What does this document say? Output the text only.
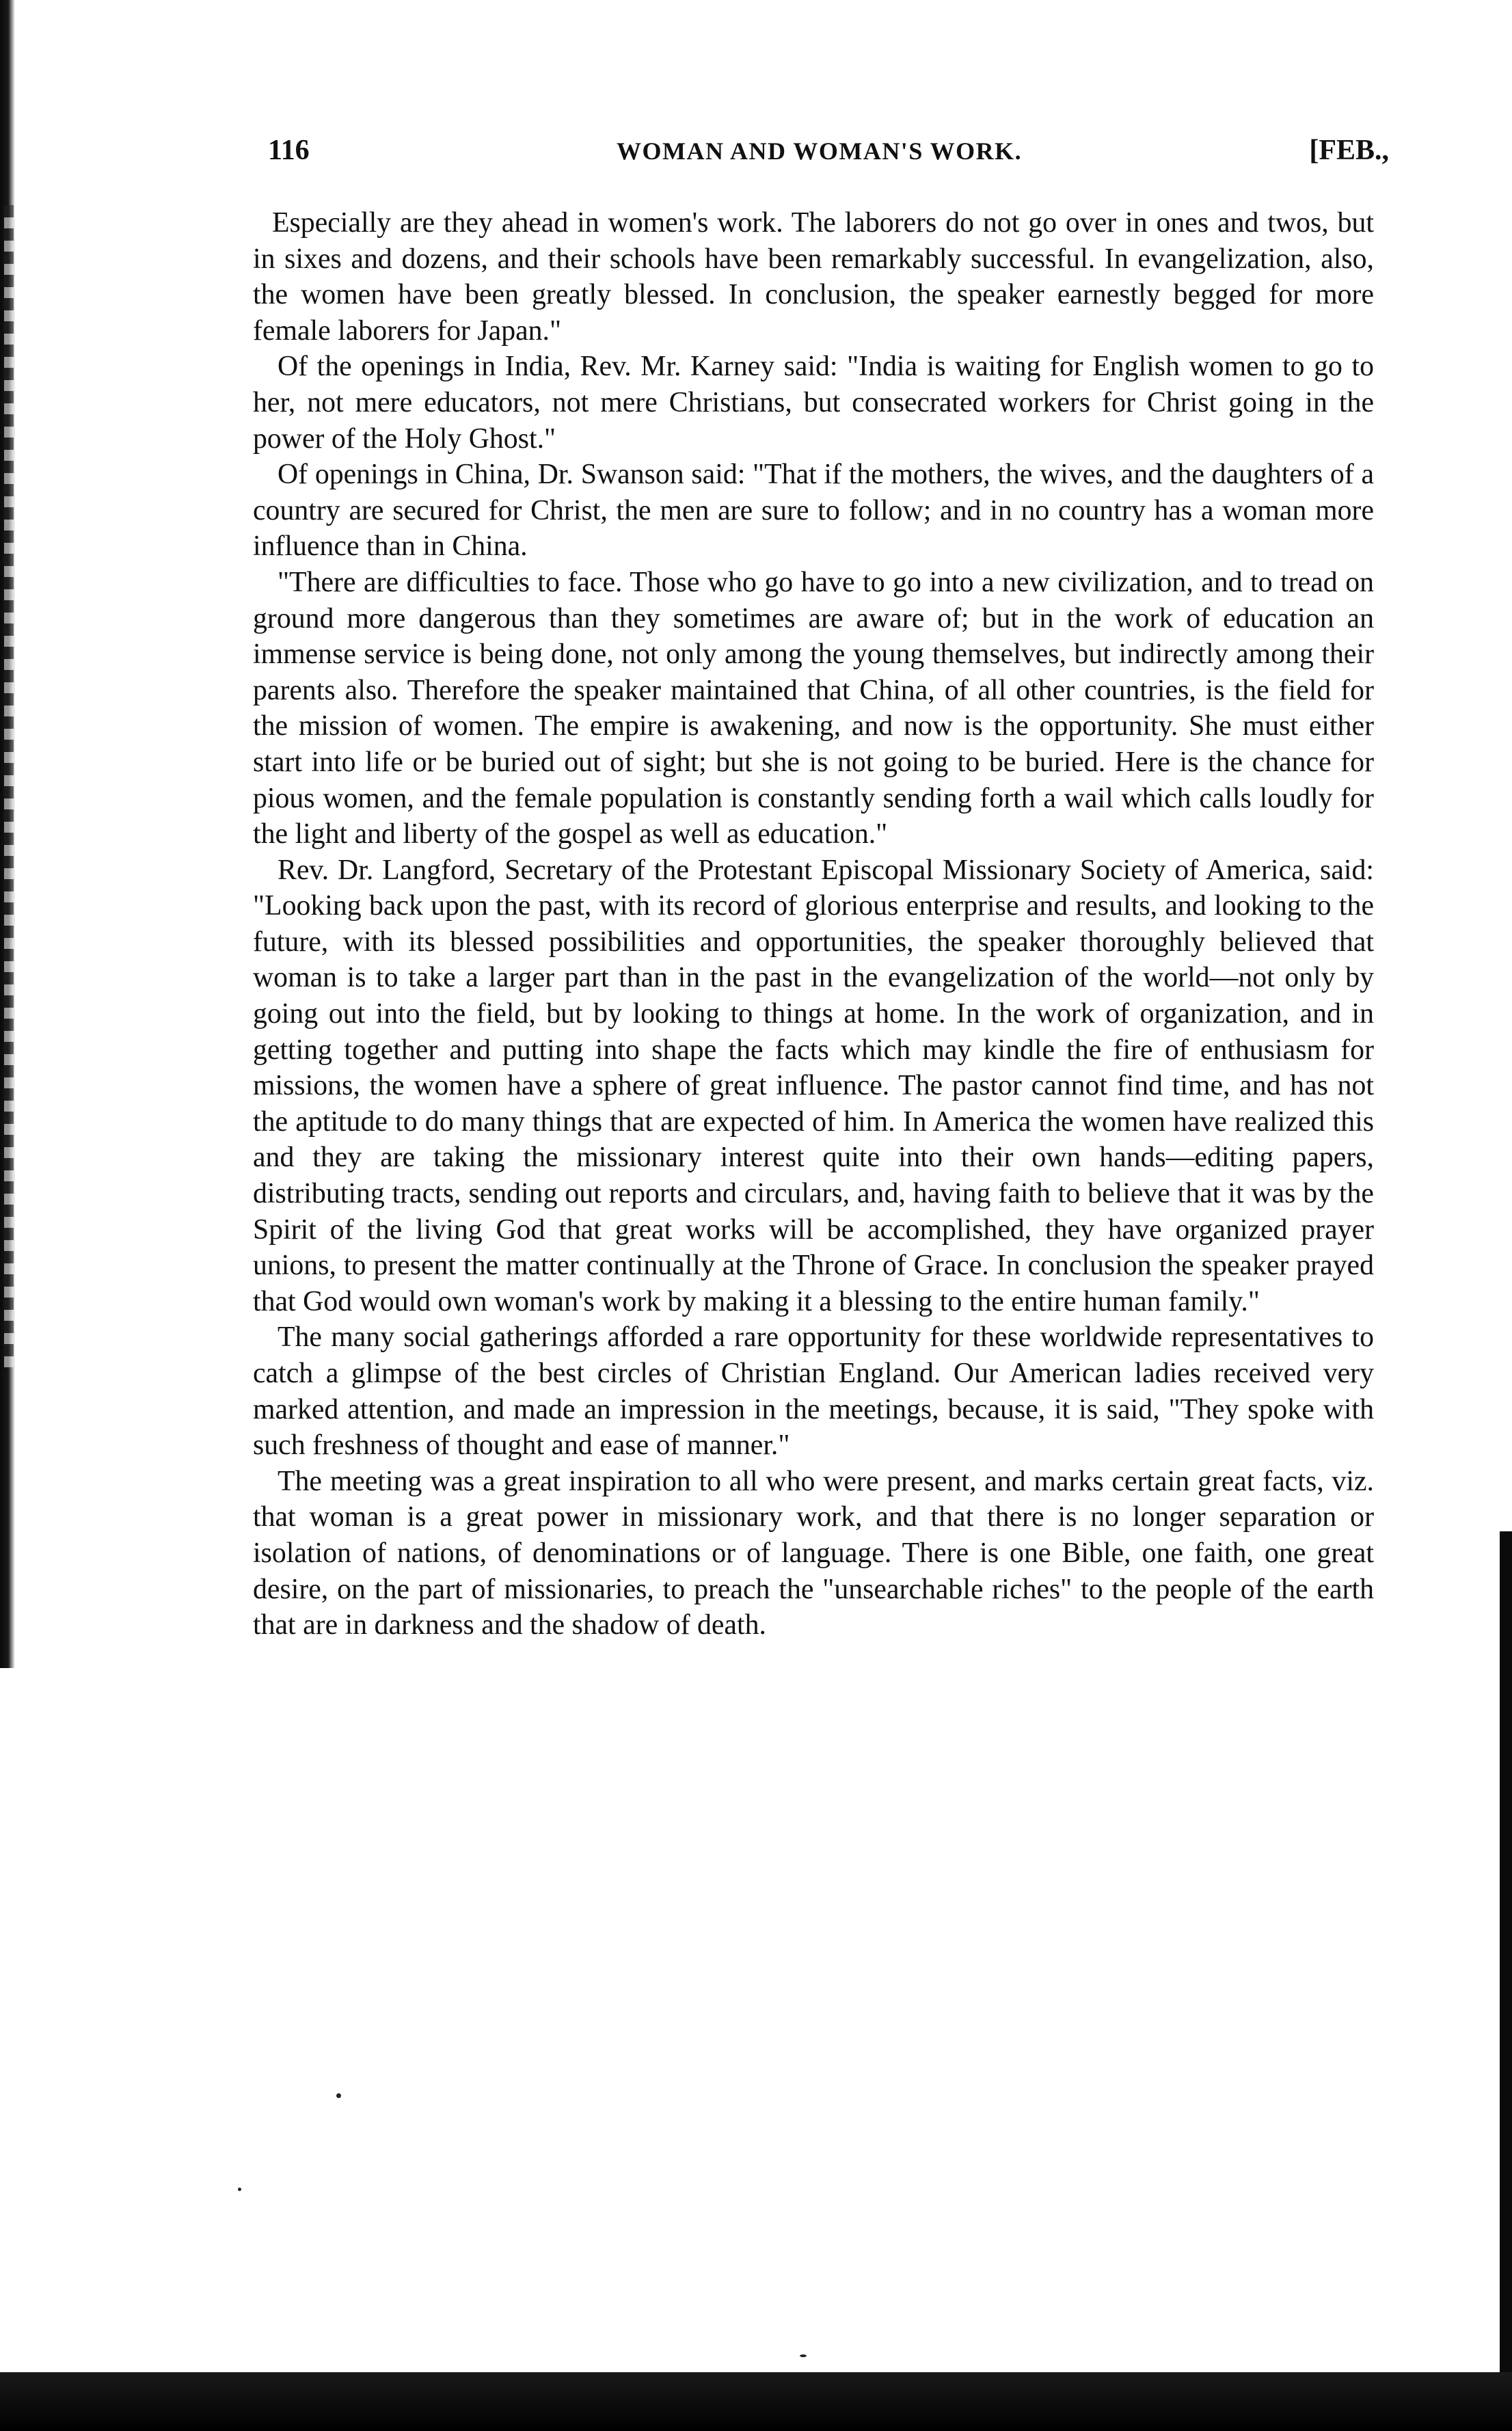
116	WOMAN AND WOMAN'S WORK.	[FEB.,

Especially are they ahead in women's work. The laborers do not go over in ones and twos, but in sixes and dozens, and their schools have been remarkably successful. In evangelization, also, the women have been greatly blessed. In conclusion, the speaker earnestly begged for more female laborers for Japan."

Of the openings in India, Rev. Mr. Karney said: "India is waiting for English women to go to her, not mere educators, not mere Christians, but consecrated workers for Christ going in the power of the Holy Ghost."

Of openings in China, Dr. Swanson said: "That if the mothers, the wives, and the daughters of a country are secured for Christ, the men are sure to follow; and in no country has a woman more influence than in China.

"There are difficulties to face. Those who go have to go into a new civilization, and to tread on ground more dangerous than they sometimes are aware of; but in the work of education an immense service is being done, not only among the young themselves, but indirectly among their parents also. Therefore the speaker maintained that China, of all other countries, is the field for the mission of women. The empire is awakening, and now is the opportunity. She must either start into life or be buried out of sight; but she is not going to be buried. Here is the chance for pious women, and the female population is constantly sending forth a wail which calls loudly for the light and liberty of the gospel as well as education."

Rev. Dr. Langford, Secretary of the Protestant Episcopal Missionary Society of America, said: "Looking back upon the past, with its record of glorious enterprise and results, and looking to the future, with its blessed possibilities and opportunities, the speaker thoroughly believed that woman is to take a larger part than in the past in the evangelization of the world—not only by going out into the field, but by looking to things at home. In the work of organization, and in getting together and putting into shape the facts which may kindle the fire of enthusiasm for missions, the women have a sphere of great influence. The pastor cannot find time, and has not the aptitude to do many things that are expected of him. In America the women have realized this and they are taking the missionary interest quite into their own hands—editing papers, distributing tracts, sending out reports and circulars, and, having faith to believe that it was by the Spirit of the living God that great works will be accomplished, they have organized prayer unions, to present the matter continually at the Throne of Grace. In conclusion the speaker prayed that God would own woman's work by making it a blessing to the entire human family."

The many social gatherings afforded a rare opportunity for these worldwide representatives to catch a glimpse of the best circles of Christian England. Our American ladies received very marked attention, and made an impression in the meetings, because, it is said, "They spoke with such freshness of thought and ease of manner."

The meeting was a great inspiration to all who were present, and marks certain great facts, viz. that woman is a great power in missionary work, and that there is no longer separation or isolation of nations, of denominations or of language. There is one Bible, one faith, one great desire, on the part of missionaries, to preach the "unsearchable riches" to the people of the earth that are in darkness and the shadow of death.
